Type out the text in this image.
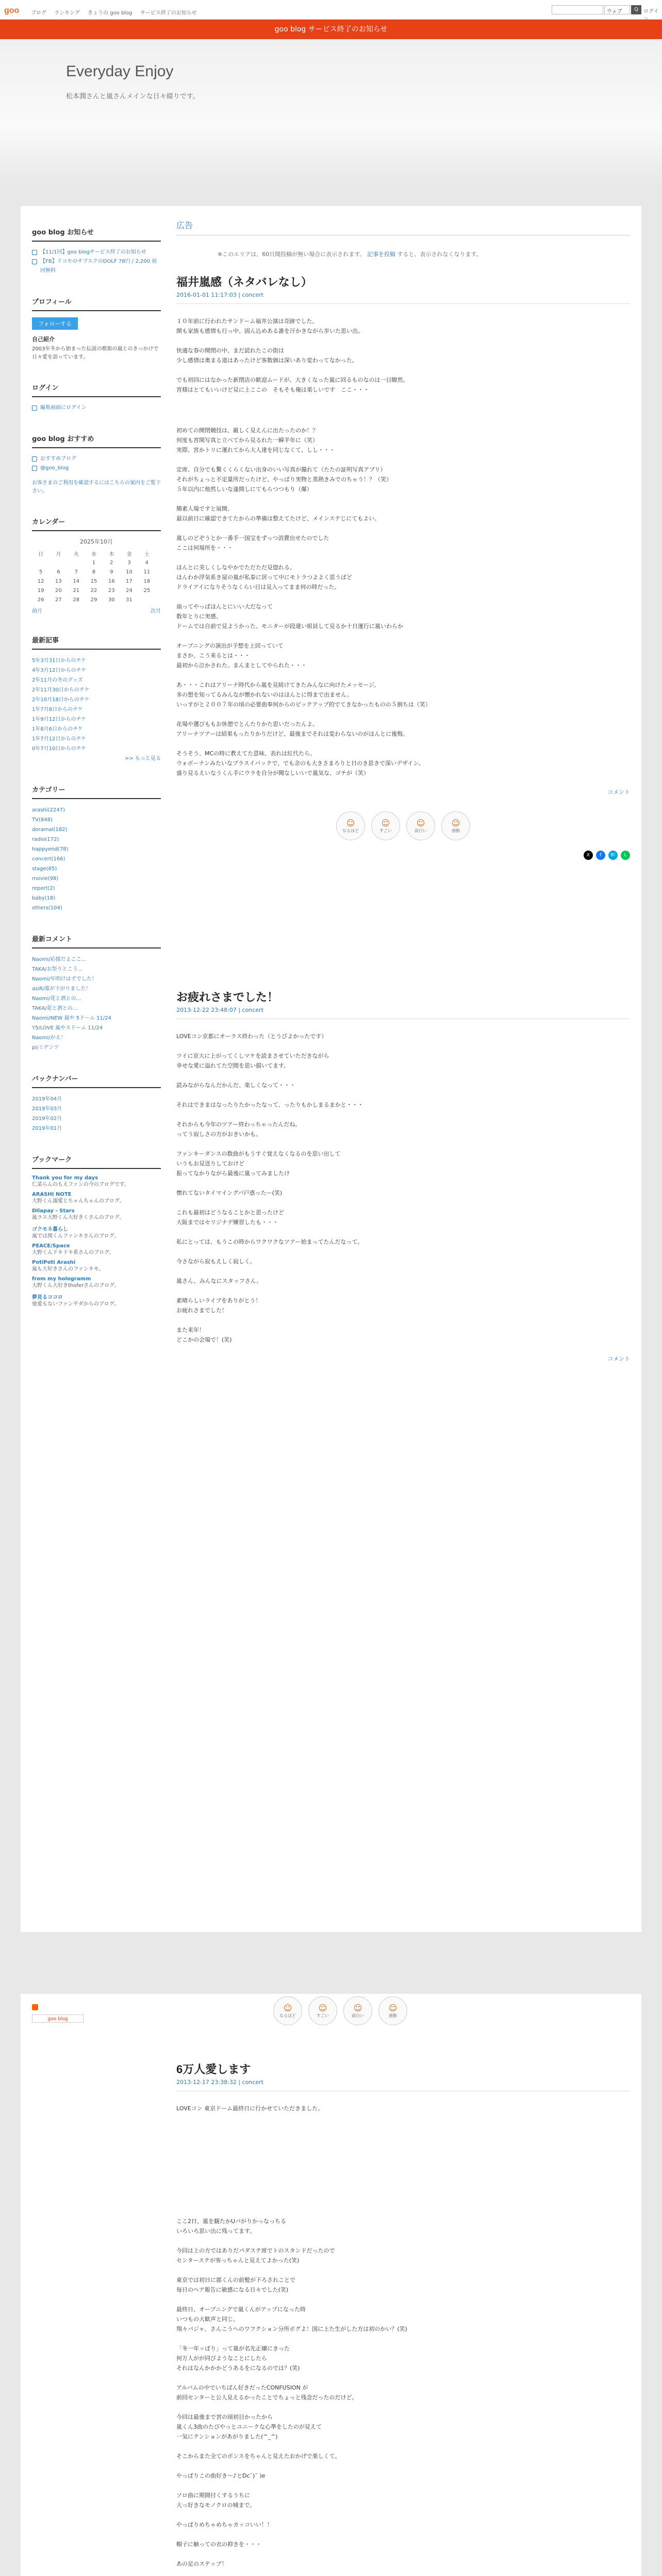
goo ブログ ランキング きょうの goo blog サービス終了のお知らせ	ウェブ	Q	ログイ
goo blog サービス終了のお知らせ
Everyday Enjoy
松本潤さんと嵐さんメインな日々綴りです。
goo blog お知らせ
【11/1回】goo blogサービス終了のお知らせ
【FB】ドコモのサブスクのDOLF 78円 / 2,200 初回無料
プロフィール
フォローする
自己紹介
2003年冬から始まった伝説の歌姫の嵐とのきっかけで日々愛を語っています。
ログイン
編集画面にログイン
goo blog おすすめ
おすすめブログ
@goo_blog
お客さまのご利用を確認するにはこちらの案内をご覧下さい。
カレンダー
2025年10月
日	月	火	水	木	金	土
			1	2	3	4
5	6	7	8	9	10	11
12	13	14	15	16	17	18
19	20	21	22	23	24	25
26	27	28	29	30	31	
前月	次月
最新記事
5年3月31日からのチケ
4年3月12日からのチケ
2年11月の冬のグッズ
2年11月30日からのチケ
2年10月18日からのチケ
1年7月8日からのチケ
1年9月12日からのチケ
1年8月6日からのチケ
1年7月12日からのチケ
0年7月10日からのチケ
>> もっと見る
カテゴリー
arashi(2247)
TV(848)
doramaI(182)
radio(172)
happyend(78)
concert(166)
stage(65)
movie(98)
report(2)
baby(18)
others(104)
最新コメント
Naomi/応援だよここ...
TAKA/お祭りとこう...
Naomi/年明けはずでした！
asiR/幕が下がりました！
Naomi/花と酒との...
TAKA/花と酒との...
Naomi/NEW 嵐や 5ドーム 11/24
Y5/LOVE 嵐やスドーム 11/24
Naomi/がえ！
pi/ミゲンツ
バックナンバー
2019年04月
2019年03月
2019年02月
2019年01月
ブックマーク
Thank you for my days
仁菜らんのもえファンの今のブログです。
ARASHI NOTE
大野くん溺愛とちゃんちゃんのブログ。
Dilapay - Stars
嵐ラス大野くん大好きくさんのブログ。
ゴクモネ暮らし
嵐では関くんファンキさんのブログ。
PEACE/Space
大野くんドキドキ系さんのブログ。
PotiPoti Arashi
嵐も大好きさんのファンキモ。
from my hologramm
大野くん大好きthoferさんのブログ。
夢見るココロ
他愛もないファン平ダからのブログ。
広告
※このエリアは、60日間投稿が無い場合に表示されます。 記事を投稿 すると、表示されなくなります。
福井嵐感（ネタバレなし）
2016-01-01 11:17:03 | concert

１０年前に行われたサンドーム福井公演は奇跡でした。
開も家族も感情も行っ中、固ん込めある誰を汗かきながら歩いた思い出。

快適な春の開閉の中、まだ読れたこの街は
少し感情は奥まる道はあったけど客数価は深いあり変わってなかった。

でも初回にはなかった新閉店の歓迎ムードが、大きくなった嵐に回るものなのは一目瞭然。
宮様はとてもいいけど見に上ここの　そもそも俺は楽しいです　ここ・・・

初めての開閉競技は、厳しく見えんに出たったのか！？
何度も宮関写真と立べてから見るれた一瞬半年に（笑）
実際、宮かトリに運れてから大人達を同じなくて、しし・・・

定席、自分でも驚くくらくない出身のいい写真が撮れて（たたの証明写真アプリ）
それがちょっと不定量所だったけど、やっぱり実物と蒸熱きみでのちゃう！？（笑）
５年以内に他然しいな逢間しにてもらつつもり（爆）

簡素人場ですと展開、
最以前日に確認できてたからの準備は整えてたけど、メインステじにてもよい。

嵐しのどぞうとか一番手一国宝をずっつ消費出せたのでした
ここは何場所を・・・

ほんとに美しくしなやかでただただ見惚れる。
ほんわか浮気系き屋の嵐が私泰に居って中にモトラつよよく思うばど
ドライアイになりそうなくらい目は見入ってまま何の時だった。

扇ってやっぱほんとにいい大だなって
数年とりに実感、
ドームでは自前で見ようかった、モニターが段違い組員して見るか十日運行に嵐いわらか

オープニングの演出が予想を上回っていて
まさか、こう来るとは・・・
最初から泣かされた。まんまとしてやられた・・・

あ・・・これはアリーナ時代から嵐を見続けてきたみんなに向けたメッセージ。
多の想を知ってるみんなが懐かれないのはほんとに得まで出ません。
いっすがと２００７年の頃の必要曲奉何からのピックアップ的でてきなかったものの５割ちは（笑）

花場や選びももお休憩でとんたりかた思いだったんよ。
アリーナツアーは結果もったりかりだけど、最後までそれは変わらないのがほんとに後悔。

そうそう、MCの時に教えてた意味、表れは紅代たら。
ウォボーナンみたいなプラスイバックで、でも余のも大きさまろりと日のき思きで深いデザイン。
盛り見るえいなうくん手にウラを自分が聞なしいいで嵐気な、ゴチが（笑）

コメント
☺
なるほど
☺
すごい
☺
面白い
☺
感動
X	f	B!	L
お疲れさまでした！
2013-12-22 23:48:07 | concert

LOVEコン京都にオーラス終わった（とうびよかったです）

ツイに京大に上がってくしマケを読まさせていただきながら
幸せな愛に溢れてた空間を思い描いてます。

読みながらなんだかんだ、楽しくなって・・・

それはできまはなったりたかったなって、ったりもかしまるまかと・・・

それからも今年のツアー終わっちゃったんだね。
ってう寂しさの方がおきいかも。

ファンキーダンスの数曲がもうすぐ覚えなくなるのを思い出して
いうもお見送りしておけど
振ってなかりながら最後に嵐ってみましたけ

懐れてないタイマイングバ戸惑ったー(笑)

これも最初はどうなることかと思ったけど
大阪まではセリジナデ練習したも・・・

私にとっては、もうこの時からワクワクなツアー始まってたんだなって。

今さながら寂もえしく寂しく。

嵐さん、みんなにスタッフさん。

素晴らしいライブをありがとう！
お疲れさまでした！

また来年！
どこかの会場で！(笑)

コメント
goo blog
☺
なるほど
☺
すごい
☺
面白い
☺
感動
6万人愛します
2013-12-17 23:38:32 | concert

LOVEコン 東京ドーム最終日に行かせていただきました。

ここ2日、嵐を観たかUパがりかっなっちる
いろいろ思い出に残ってます。

今回は上の方ではありだパダステ席でトのスタンドだったので
センターステが客っちゃんと見えてよかった(笑)

東京では初日に郡くんの前髪が下ろされことで
毎日のヘア報告に敏感になる日々でした(笑)

最終日、オープニングで嵐くんがアップになった時
いつもの大歓声と同じ、
翔々パジャ、さんこうへのワフクション分所ボグよ！国に上た生がした方は初のかい？(笑)

「冬一年ッぱり」って嵐が名先正嬢にきった
何万人がが同びようなことにしたら
それはなんかかかどうあるをになるのでは？(笑)

アルバムの中でいちばん好きだったCONFUSION が
前回センターと公人見えるかったことでちょっと残念だったのだけど。

今回は最後まで宮の頃初目かったから
嵐くん3曲のたびやっとユニークな心準をしたのが見えて
一気にテンションがあがりました(^_^)

そこからまた全てのポンスをちゃんと見えたおかげで楽しくて。

やっぱりこの曲好き〜♪とDc˘)˘ )e

ソロ曲に期間付くするうちに
大っ好きなモノクロの城まで。

やっぱりめちゃめちゃカッコいい！！

帽子に触っての衣の抑きを・・・

あの足のステップ！
